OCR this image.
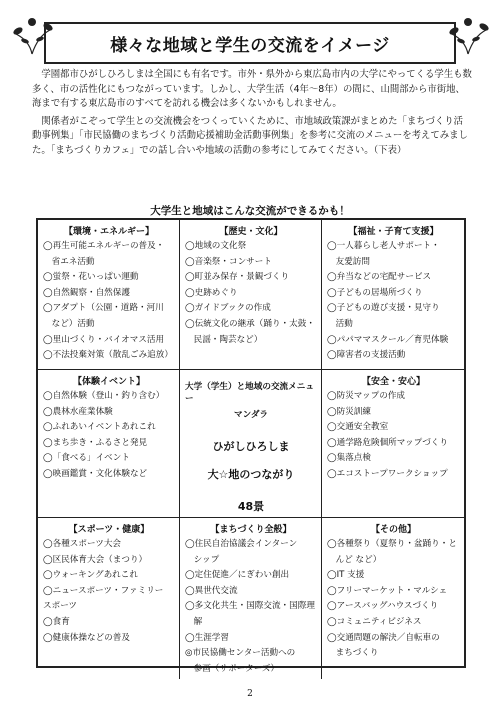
様々な地域と学生の交流をイメージ

学園都市ひがしひろしまは全国にも有名です。市外・県外から東広島市内の大学にやってくる学生も数多く、市の活性化にもつながっています。しかし、大学生活（4年〜8年）の間に、山間部から市街地、海まで有する東広島市のすべてを訪れる機会は多くないかもしれません。

関係者がこぞって学生との交流機会をつくっていくために、市地域政策課がまとめた「まちづくり活動事例集」「市民協働のまちづくり活動応援補助金活動事例集」を参考に交流のメニューを考えてみました。「まちづくりカフェ」での話し合いや地域の活動の参考にしてみてください。（下表）

大学生と地域はこんな交流ができるかも！
【環境・エネルギー】
◯再生可能エネルギーの普及・
　省エネ活動
◯蛍祭・花いっぱい運動
◯自然観察・自然保護
◯アダプト（公園・道路・河川
　など）活動
◯里山づくり・バイオマス活用
◯不法投棄対策（散乱ごみ追放）
【歴史・文化】
◯地域の文化祭
◯音楽祭・コンサート
◯町並み保存・景観づくり
◯史跡めぐり
◯ガイドブックの作成
◯伝統文化の継承（踊り・太鼓・
　民謡・陶芸など）
【福祉・子育て支援】
◯一人暮らし老人サポート・
　友愛訪問
◯弁当などの宅配サービス
◯子どもの居場所づくり
◯子どもの遊び支援・見守り
　活動
◯パパママスクール／育児体験
◯障害者の支援活動
【体験イベント】
◯自然体験（登山・釣り含む）
◯農林水産業体験
◯ふれあいイベントあれこれ
◯まち歩き・ふるさと発見
◯「食べる」イベント
◯映画鑑賞・文化体験など
大学（学生）と地域の交流メニュー
マンダラ
ひがしひろしま
大☆地のつながり
48景
【安全・安心】
◯防災マップの作成
◯防災訓練
◯交通安全教室
◯通学路危険個所マップづくり
◯集落点検
◯エコストープワークショップ
【スポーツ・健康】
◯各種スポーツ大会
◯区民体育大会（まつり）
◯ウォーキングあれこれ
◯ニュースポーツ・ファミリー
スポーツ
◯食育
◯健康体操などの普及
【まちづくり全般】
◯住民自治協議会インターン
　シップ
◯定住促進／にぎわい創出
◯異世代交流
◯多文化共生・国際交流・国際理
　解
◯生涯学習
◎市民協働センター活動への
　参画（サポーターズ）
【その他】
◯各種祭り（夏祭り・盆踊り・と
　んど など）
◯IT 支援
◯フリーマーケット・マルシェ
◯アースバッグハウスづくり
◯コミュニティビジネス
◯交通問題の解決／自転車の
　まちづくり
2
